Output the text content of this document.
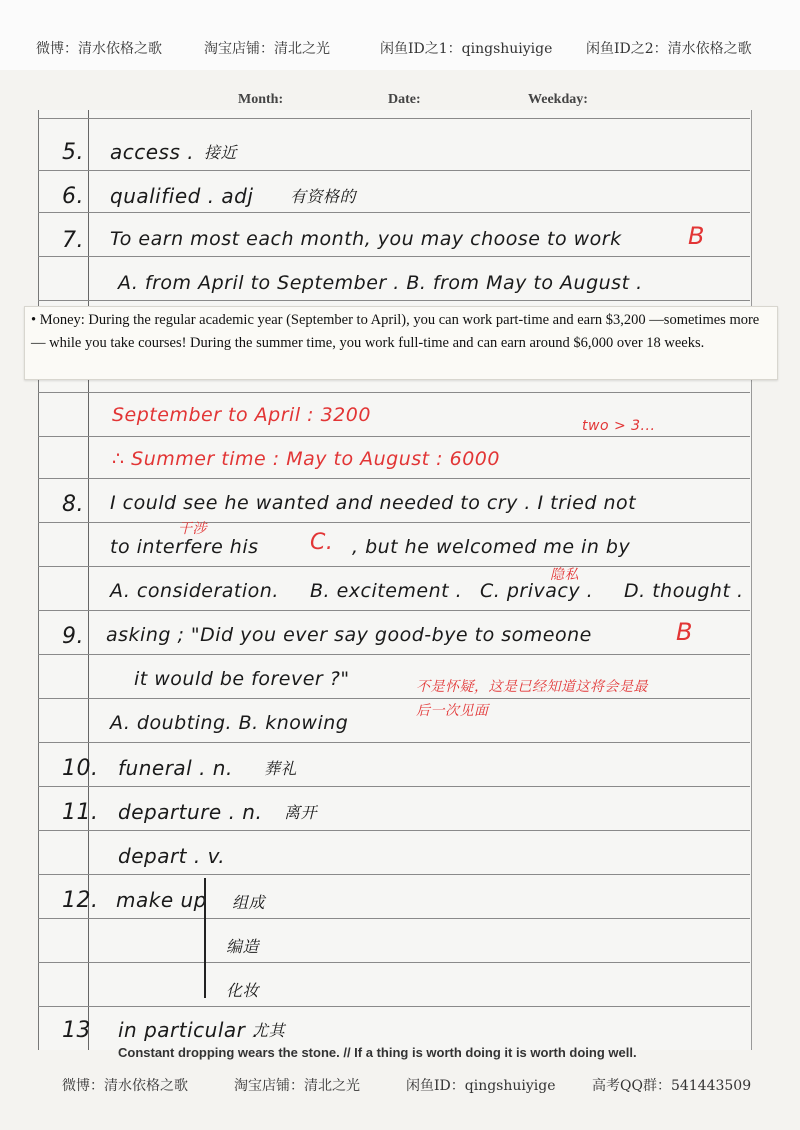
微博：清水依格之歌	淘宝店铺：清北之光	闲鱼ID之1：qingshuiyige 闲鱼ID之2：清水依格之歌
Month:	Date:	Weekday:
5. access . 接近
6. qualified . adj 有资格的
7. To earn most each month, you may choose to work	B
A. from April to September . B. from May to August .
• Money: During the regular academic year (September to April), you can work part-time and earn $3,200 —sometimes more — while you take courses! During the summer time, you work full-time and can earn around $6,000 over 18 weeks.
September to April : 3200	two > 3...
∴ Summer time : May to August : 6000
8. I could see he wanted and needed to cry . I tried not
干涉
to interfere his C. , but he welcomed me in by
A. consideration. B. excitement . C. privacy .
隐私
D. thought .
9. asking ; "Did you ever say good-bye to someone	B
it would be forever ?"	不是怀疑，这是已经知道这将会是最
后一次见面
A. doubting. B. knowing
10. funeral . n. 葬礼
11. departure . n. 离开
depart . v.
12. make up 组成
编造
化妆
13 in particular .
尤其
Constant dropping wears the stone. // If a thing is worth doing it is worth doing well.
微博：清水依格之歌	淘宝店铺：清北之光	闲鱼ID：qingshuiyige	高考QQ群：541443509
